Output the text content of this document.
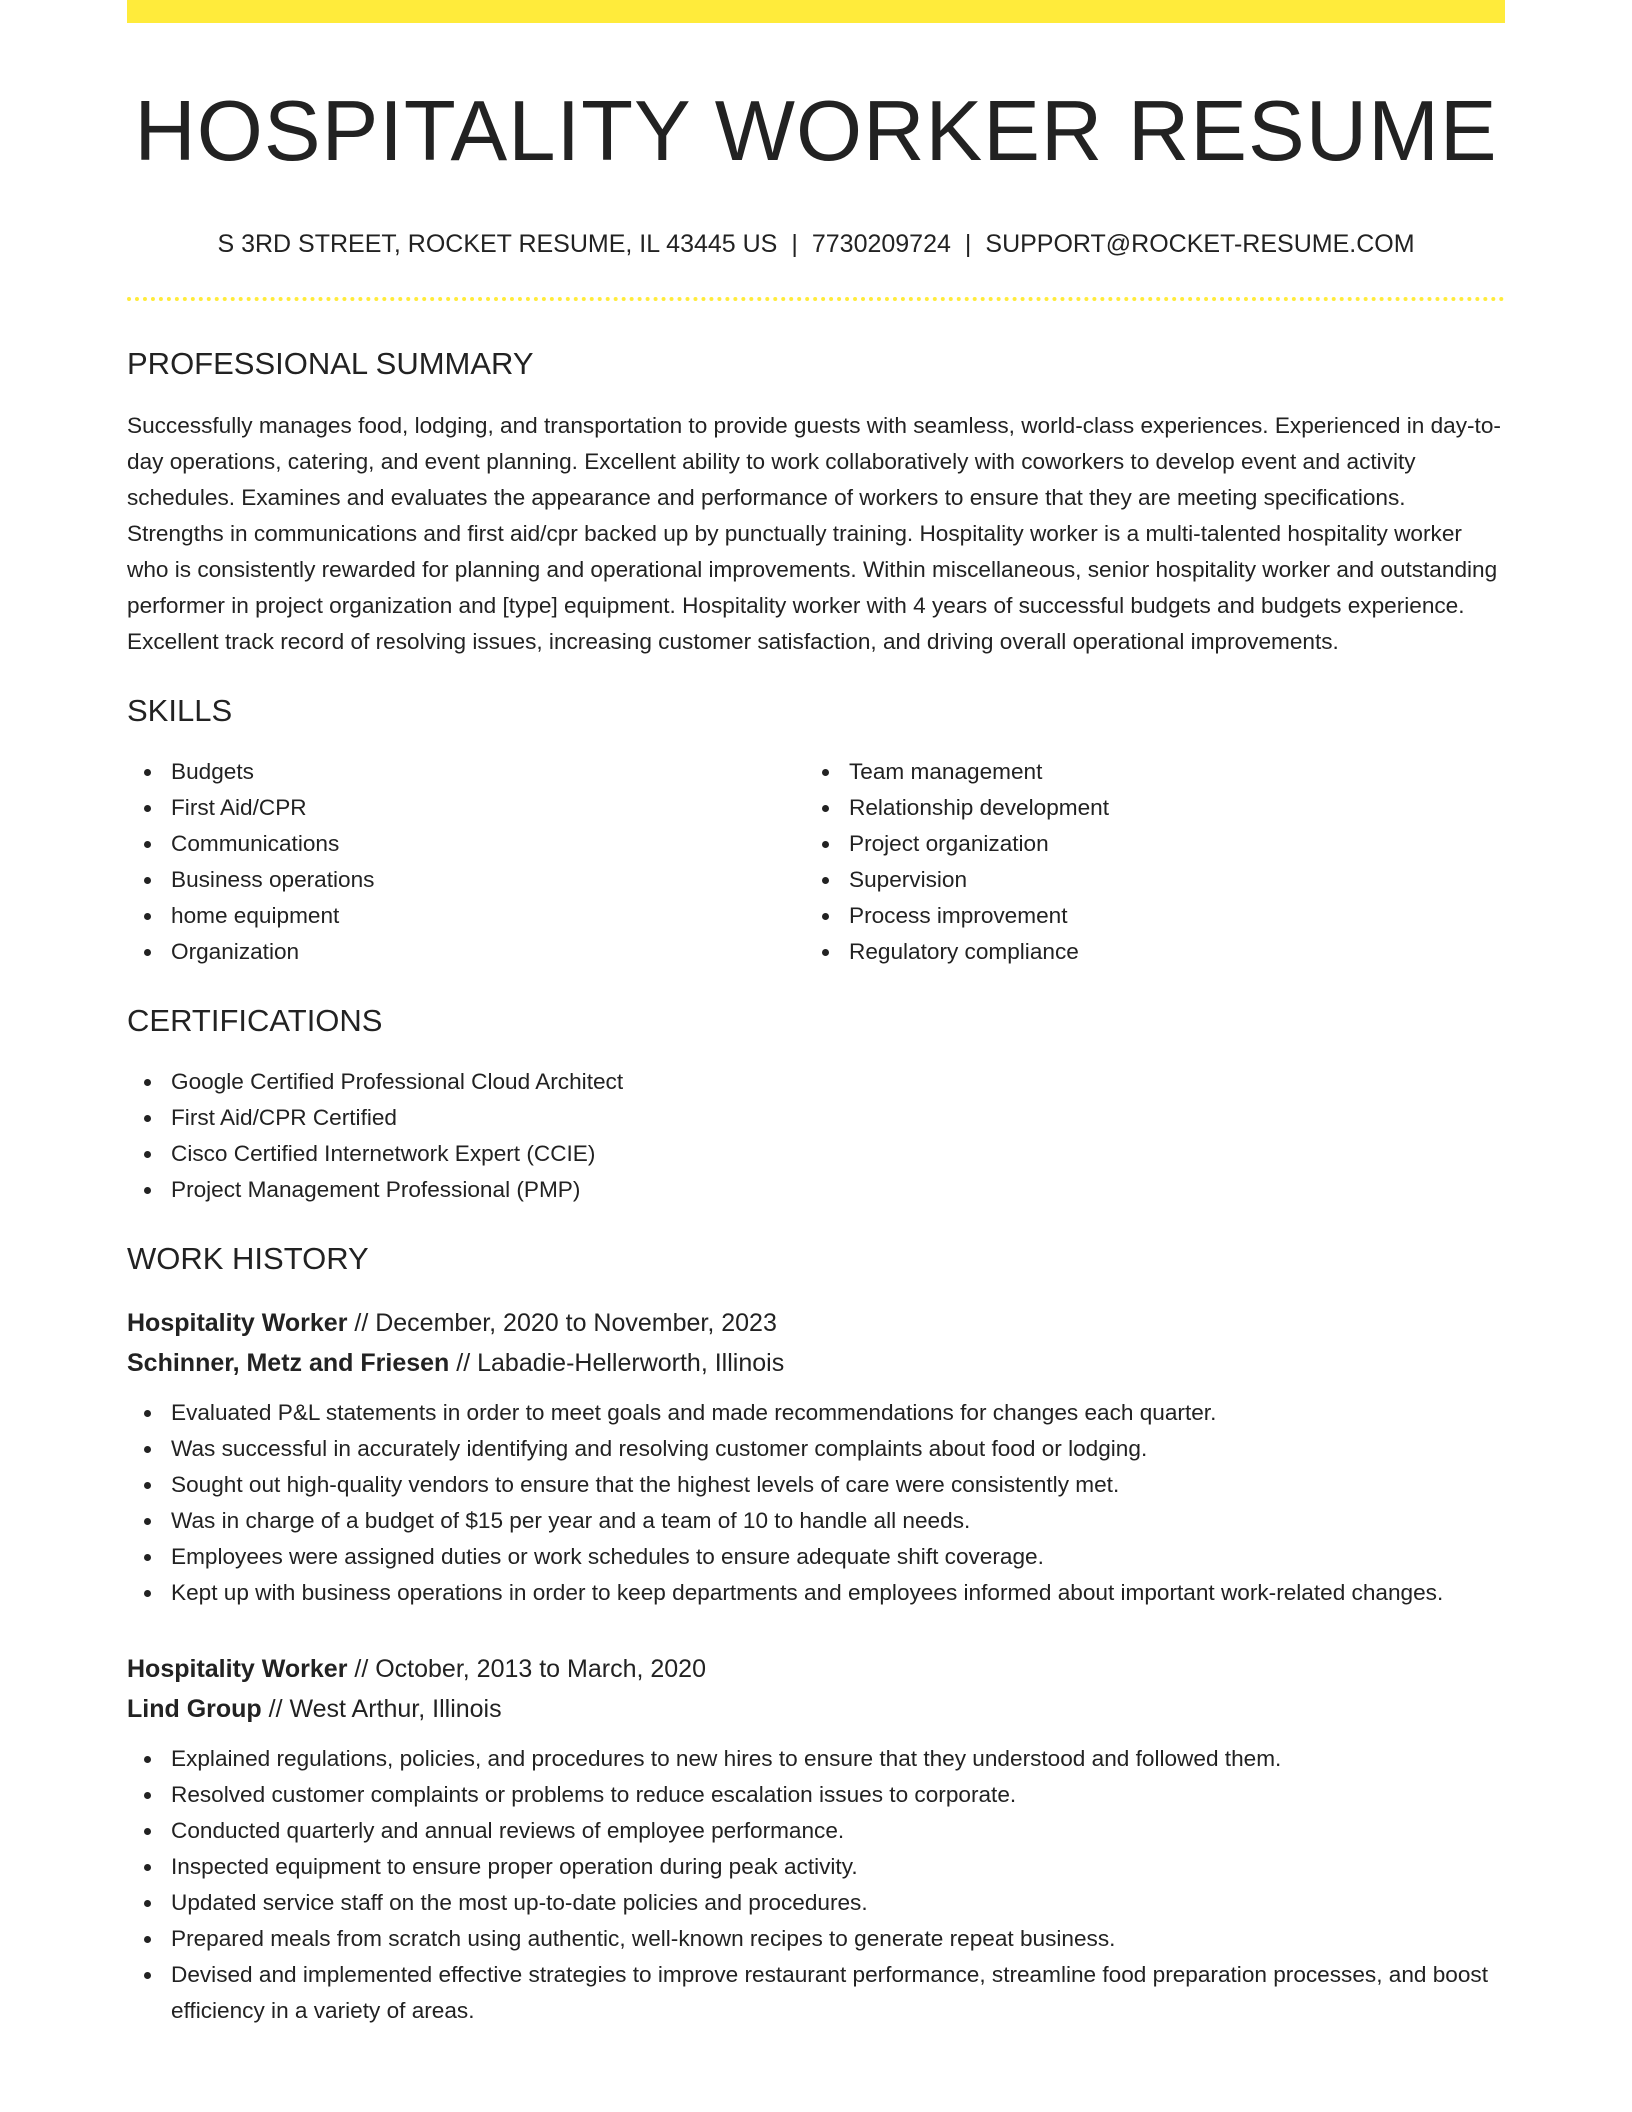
HOSPITALITY WORKER RESUME
S 3RD STREET, ROCKET RESUME, IL 43445 US | 7730209724 | SUPPORT@ROCKET-RESUME.COM
PROFESSIONAL SUMMARY

Successfully manages food, lodging, and transportation to provide guests with seamless, world-class experiences. Experienced in day-to-day operations, catering, and event planning. Excellent ability to work collaboratively with coworkers to develop event and activity schedules. Examines and evaluates the appearance and performance of workers to ensure that they are meeting specifications. Strengths in communications and first aid/cpr backed up by punctually training. Hospitality worker is a multi-talented hospitality worker who is consistently rewarded for planning and operational improvements. Within miscellaneous, senior hospitality worker and outstanding performer in project organization and [type] equipment. Hospitality worker with 4 years of successful budgets and budgets experience. Excellent track record of resolving issues, increasing customer satisfaction, and driving overall operational improvements.

SKILLS
Budgets
First Aid/CPR
Communications
Business operations
home equipment
Organization
Team management
Relationship development
Project organization
Supervision
Process improvement
Regulatory compliance
CERTIFICATIONS
Google Certified Professional Cloud Architect
First Aid/CPR Certified
Cisco Certified Internetwork Expert (CCIE)
Project Management Professional (PMP)
WORK HISTORY
Hospitality Worker // December, 2020 to November, 2023
Schinner, Metz and Friesen // Labadie-Hellerworth, Illinois
Evaluated P&L statements in order to meet goals and made recommendations for changes each quarter.
Was successful in accurately identifying and resolving customer complaints about food or lodging.
Sought out high-quality vendors to ensure that the highest levels of care were consistently met.
Was in charge of a budget of $15 per year and a team of 10 to handle all needs.
Employees were assigned duties or work schedules to ensure adequate shift coverage.
Kept up with business operations in order to keep departments and employees informed about important work-related changes.
Hospitality Worker // October, 2013 to March, 2020
Lind Group // West Arthur, Illinois
Explained regulations, policies, and procedures to new hires to ensure that they understood and followed them.
Resolved customer complaints or problems to reduce escalation issues to corporate.
Conducted quarterly and annual reviews of employee performance.
Inspected equipment to ensure proper operation during peak activity.
Updated service staff on the most up-to-date policies and procedures.
Prepared meals from scratch using authentic, well-known recipes to generate repeat business.
Devised and implemented effective strategies to improve restaurant performance, streamline food preparation processes, and boost efficiency in a variety of areas.
